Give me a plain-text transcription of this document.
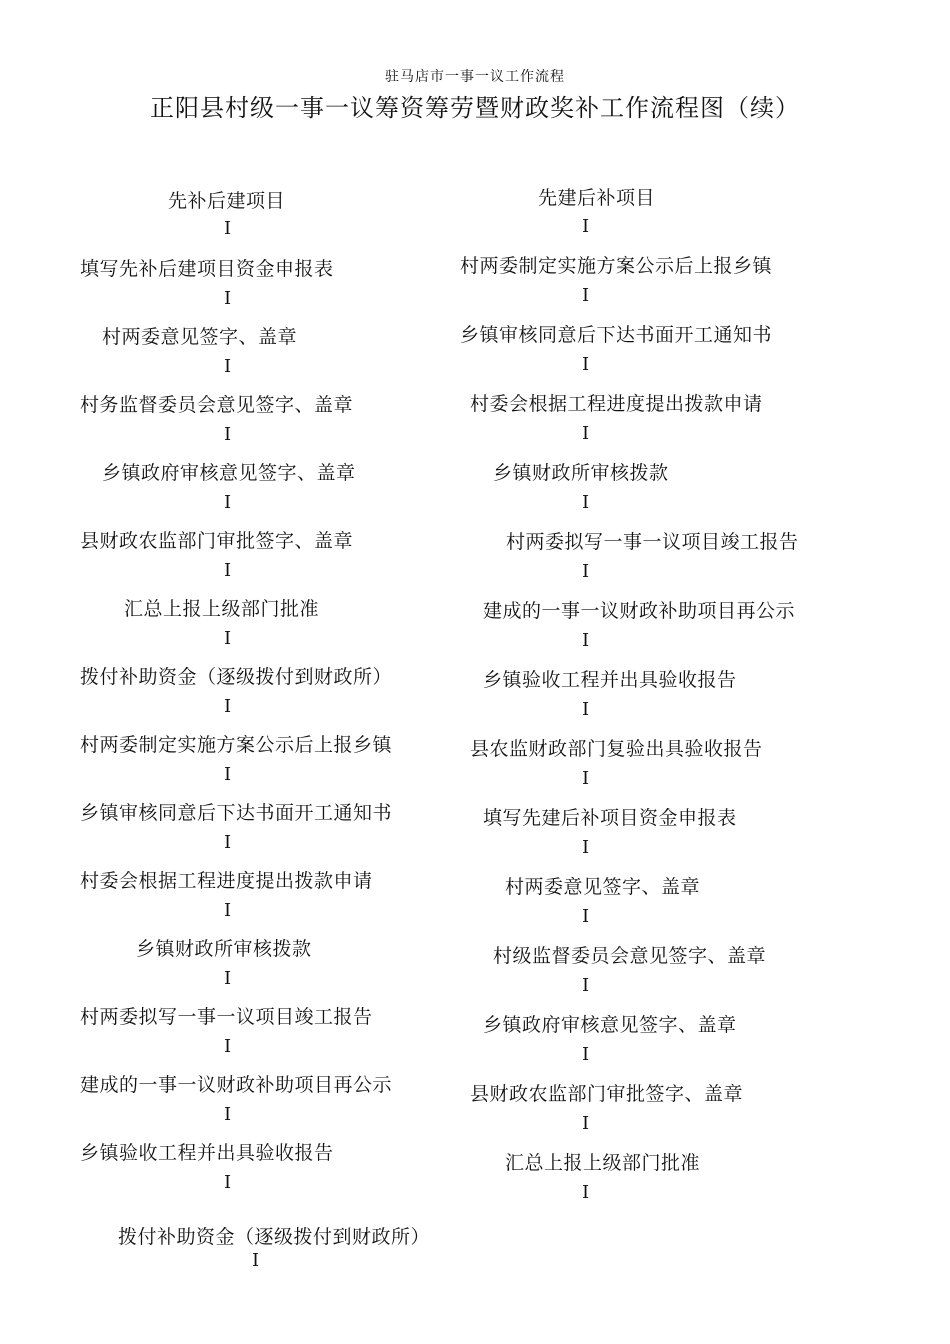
驻马店市一事一议工作流程
正阳县村级一事一议筹资筹劳暨财政奖补工作流程图（续）
先补后建项目
I
填写先补后建项目资金申报表
I
村两委意见签字、盖章
I
村务监督委员会意见签字、盖章
I
乡镇政府审核意见签字、盖章
I
县财政农监部门审批签字、盖章
I
汇总上报上级部门批准
I
拨付补助资金（逐级拨付到财政所）
I
村两委制定实施方案公示后上报乡镇
I
乡镇审核同意后下达书面开工通知书
I
村委会根据工程进度提出拨款申请
I
乡镇财政所审核拨款
I
村两委拟写一事一议项目竣工报告
I
建成的一事一议财政补助项目再公示
I
乡镇验收工程并出具验收报告
I
拨付补助资金（逐级拨付到财政所）
I
先建后补项目
I
村两委制定实施方案公示后上报乡镇
I
乡镇审核同意后下达书面开工通知书
I
村委会根据工程进度提出拨款申请
I
乡镇财政所审核拨款
I
村两委拟写一事一议项目竣工报告
I
建成的一事一议财政补助项目再公示
I
乡镇验收工程并出具验收报告
I
县农监财政部门复验出具验收报告
I
填写先建后补项目资金申报表
I
村两委意见签字、盖章
I
村级监督委员会意见签字、盖章
I
乡镇政府审核意见签字、盖章
I
县财政农监部门审批签字、盖章
I
汇总上报上级部门批准
I
